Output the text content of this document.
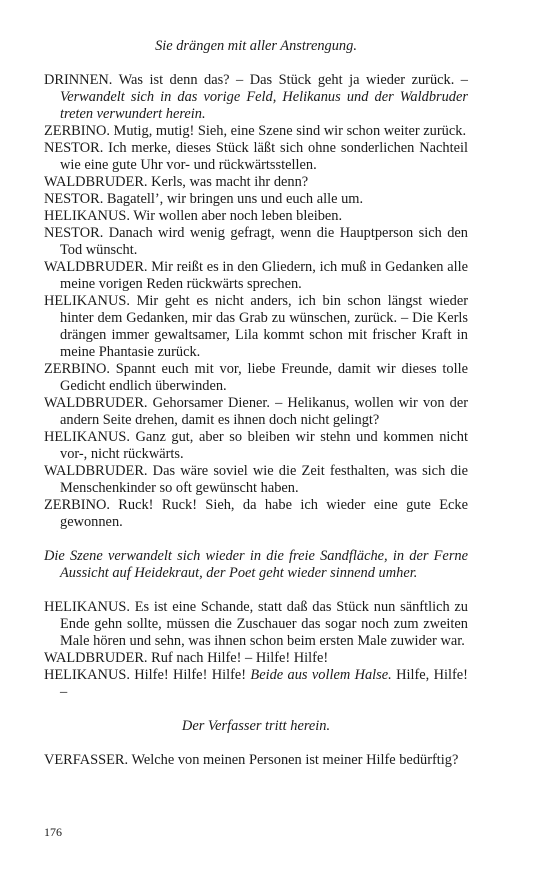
Sie drängen mit aller Anstrengung.

DRINNEN. Was ist denn das? – Das Stück geht ja wieder zurück. – Verwandelt sich in das vorige Feld, Helikanus und der Waldbruder treten verwundert herein.

ZERBINO. Mutig, mutig! Sieh, eine Szene sind wir schon weiter zurück.

NESTOR. Ich merke, dieses Stück läßt sich ohne sonderlichen Nachteil wie eine gute Uhr vor- und rückwärtsstellen.

WALDBRUDER. Kerls, was macht ihr denn?

NESTOR. Bagatell’, wir bringen uns und euch alle um.

HELIKANUS. Wir wollen aber noch leben bleiben.

NESTOR. Danach wird wenig gefragt, wenn die Hauptperson sich den Tod wünscht.

WALDBRUDER. Mir reißt es in den Gliedern, ich muß in Gedanken alle meine vorigen Reden rückwärts sprechen.

HELIKANUS. Mir geht es nicht anders, ich bin schon längst wieder hinter dem Gedanken, mir das Grab zu wünschen, zurück. – Die Kerls drängen immer gewaltsamer, Lila kommt schon mit frischer Kraft in meine Phantasie zurück.

ZERBINO. Spannt euch mit vor, liebe Freunde, damit wir dieses tolle Gedicht endlich überwinden.

WALDBRUDER. Gehorsamer Diener. – Helikanus, wollen wir von der andern Seite drehen, damit es ihnen doch nicht gelingt?

HELIKANUS. Ganz gut, aber so bleiben wir stehn und kommen nicht vor-, nicht rückwärts.

WALDBRUDER. Das wäre soviel wie die Zeit festhalten, was sich die Menschenkinder so oft gewünscht haben.

ZERBINO. Ruck! Ruck! Sieh, da habe ich wieder eine gute Ecke gewonnen.

Die Szene verwandelt sich wieder in die freie Sandfläche, in der Ferne Aussicht auf Heidekraut, der Poet geht wieder sinnend umher.

HELIKANUS. Es ist eine Schande, statt daß das Stück nun sänftlich zu Ende gehn sollte, müssen die Zuschauer das sogar noch zum zweiten Male hören und sehn, was ihnen schon beim ersten Male zuwider war.

WALDBRUDER. Ruf nach Hilfe! – Hilfe! Hilfe!

HELIKANUS. Hilfe! Hilfe! Hilfe! Beide aus vollem Halse. Hilfe, Hilfe! –

Der Verfasser tritt herein.

VERFASSER. Welche von meinen Personen ist meiner Hilfe bedürftig?

176
